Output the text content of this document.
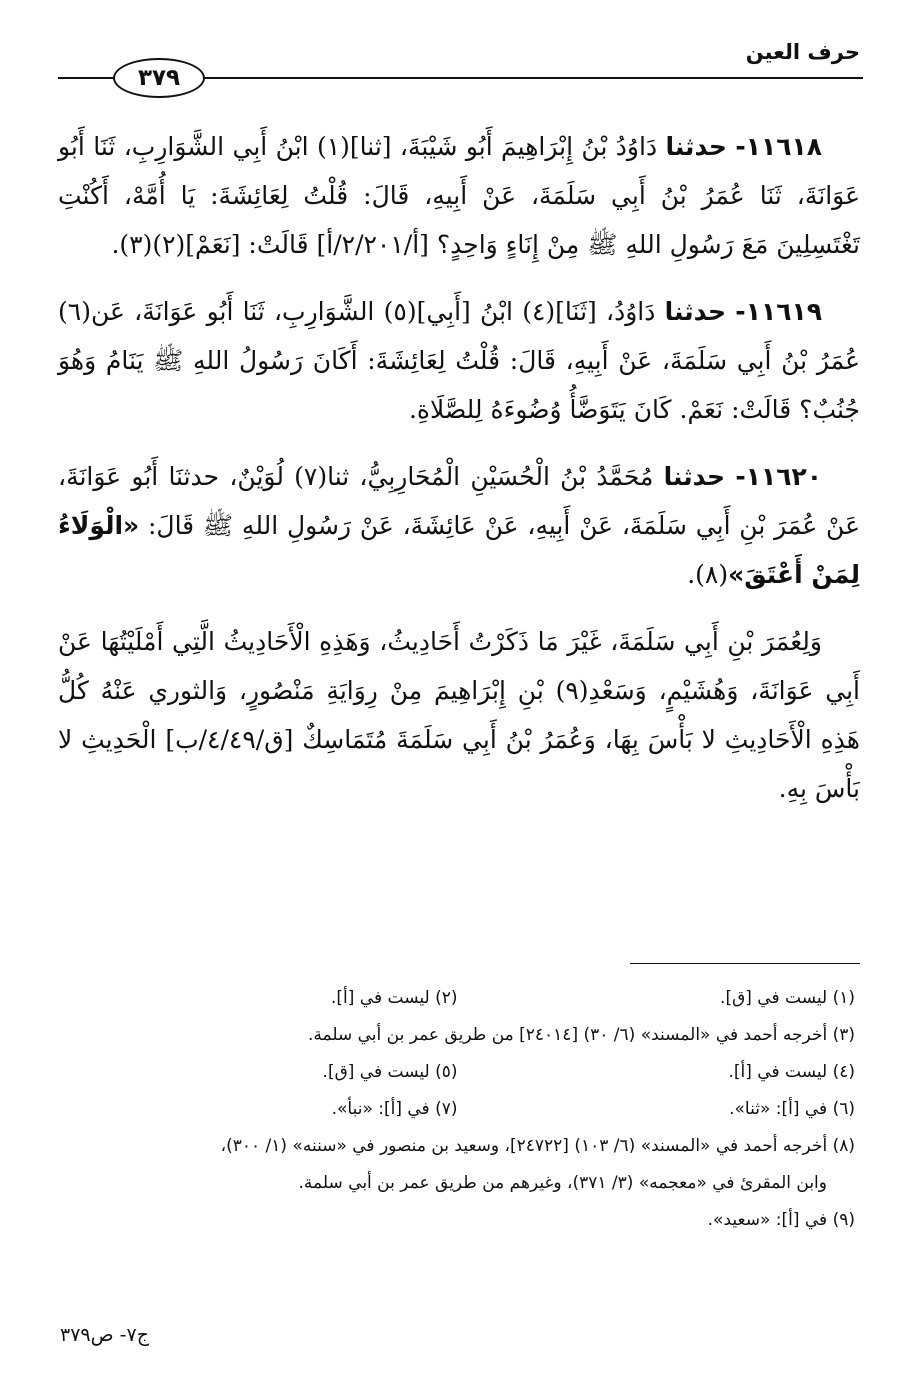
حرف العين
٣٧٩

١١٦١٨- حدثنا دَاوُدُ بْنُ إِبْرَاهِيمَ أَبُو شَيْبَةَ، [ثنا](١) ابْنُ أَبِي الشَّوَارِبِ، ثَنَا أَبُو عَوَانَةَ، ثَنَا عُمَرُ بْنُ أَبِي سَلَمَةَ، عَنْ أَبِيهِ، قَالَ: قُلْتُ لِعَائِشَةَ: يَا أُمَّهْ، أَكُنْتِ تَغْتَسِلِينَ مَعَ رَسُولِ اللهِ ﷺ مِنْ إِنَاءٍ وَاحِدٍ؟ [أ/٢/٢٠١/أ] قَالَتْ: [نَعَمْ](٢)(٣).

١١٦١٩- حدثنا دَاوُدُ، [ثَنَا](٤) ابْنُ [أَبِي](٥) الشَّوَارِبِ، ثَنَا أَبُو عَوَانَةَ، عَن(٦) عُمَرُ بْنُ أَبِي سَلَمَةَ، عَنْ أَبِيهِ، قَالَ: قُلْتُ لِعَائِشَةَ: أَكَانَ رَسُولُ اللهِ ﷺ يَنَامُ وَهُوَ جُنُبٌ؟ قَالَتْ: نَعَمْ. كَانَ يَتَوَضَّأُ وُضُوءَهُ لِلصَّلَاةِ.

١١٦٢٠- حدثنا مُحَمَّدُ بْنُ الْحُسَيْنِ الْمُحَارِبِيُّ، ثنا(٧) لُوَيْنٌ، حدثنَا أَبُو عَوَانَةَ، عَنْ عُمَرَ بْنِ أَبِي سَلَمَةَ، عَنْ أَبِيهِ، عَنْ عَائِشَةَ، عَنْ رَسُولِ اللهِ ﷺ قَالَ: «الْوَلَاءُ لِمَنْ أَعْتَقَ»(٨).

وَلِعُمَرَ بْنِ أَبِي سَلَمَةَ، غَيْرَ مَا ذَكَرْتُ أَحَادِيثُ، وَهَذِهِ الْأَحَادِيثُ الَّتِي أَمْلَيْتُهَا عَنْ أَبِي عَوَانَةَ، وَهُشَيْمٍ، وَسَعْدِ(٩) بْنِ إِبْرَاهِيمَ مِنْ رِوَايَةِ مَنْصُورٍ، وَالثوري عَنْهُ كُلُّ هَذِهِ الْأَحَادِيثِ لا بَأْسَ بِهَا، وَعُمَرُ بْنُ أَبِي سَلَمَةَ مُتَمَاسِكٌ [ق/٤/٤٩/ب] الْحَدِيثِ لا بَأْسَ بِهِ.

(١) ليست في [ق].
(٢) ليست في [أ].
(٣) أخرجه أحمد في «المسند» (٦/ ٣٠) [٢٤٠١٤] من طريق عمر بن أبي سلمة.
(٤) ليست في [أ].
(٥) ليست في [ق].
(٦) في [أ]: «ثنا».
(٧) في [أ]: «نبأ».
(٨) أخرجه أحمد في «المسند» (٦/ ١٠٣) [٢٤٧٢٢]، وسعيد بن منصور في «سننه» (١/ ٣٠٠)،
وابن المقرئ في «معجمه» (٣/ ٣٧١)، وغيرهم من طريق عمر بن أبي سلمة.
(٩) في [أ]: «سعيد».
ج٧- ص٣٧٩
